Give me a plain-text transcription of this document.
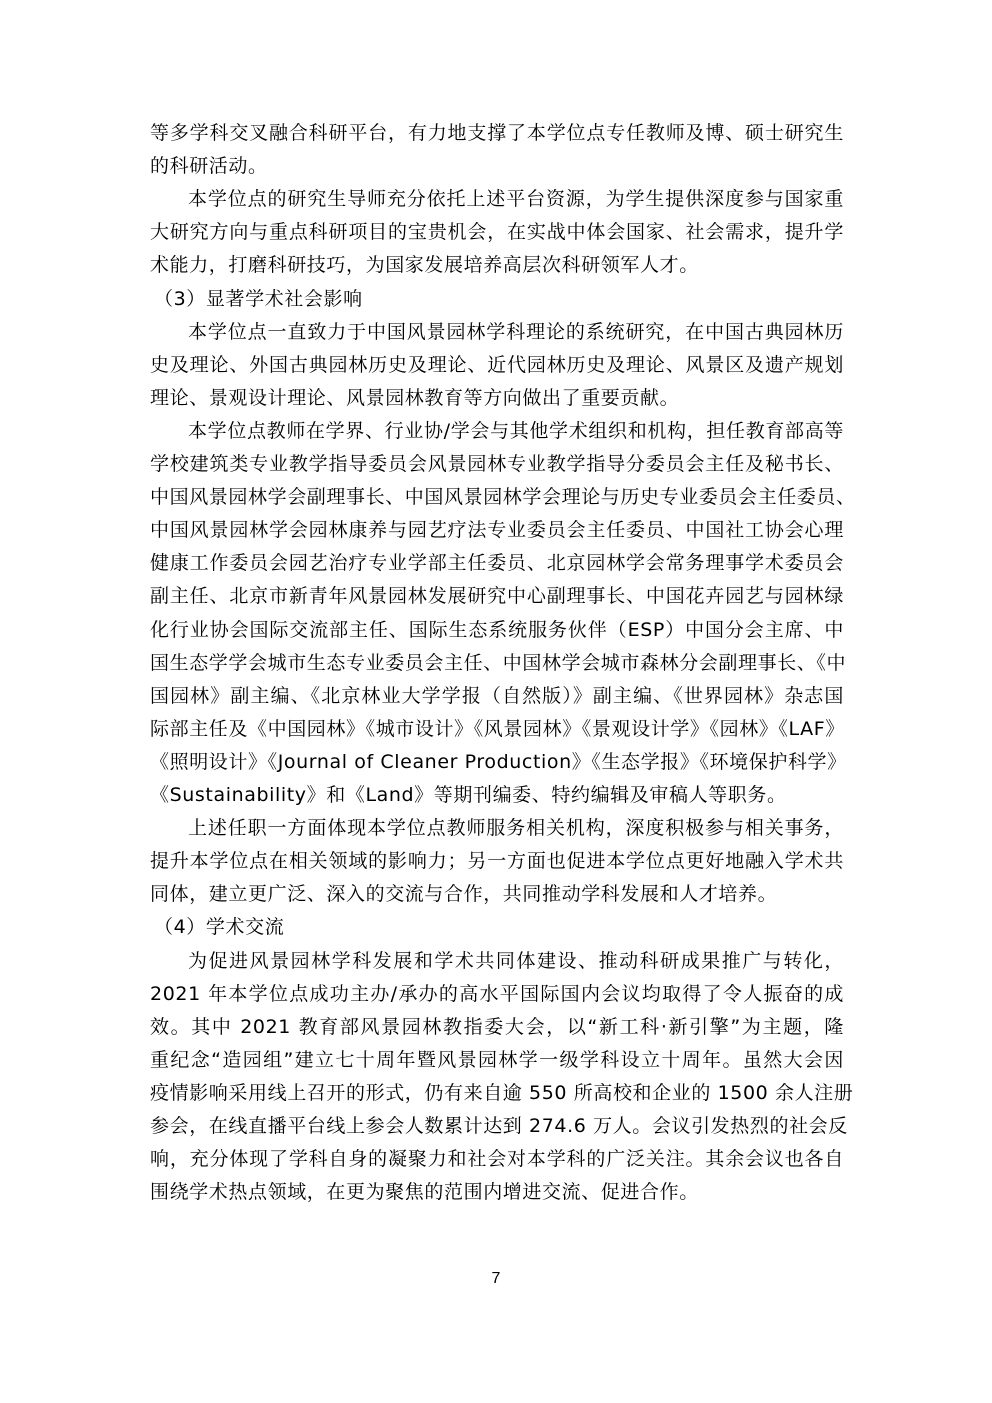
等多学科交叉融合科研平台，有力地支撑了本学位点专任教师及博、硕士研究生
的科研活动。
本学位点的研究生导师充分依托上述平台资源，为学生提供深度参与国家重
大研究方向与重点科研项目的宝贵机会，在实战中体会国家、社会需求，提升学
术能力，打磨科研技巧，为国家发展培养高层次科研领军人才。
（3）显著学术社会影响
本学位点一直致力于中国风景园林学科理论的系统研究，在中国古典园林历
史及理论、外国古典园林历史及理论、近代园林历史及理论、风景区及遗产规划
理论、景观设计理论、风景园林教育等方向做出了重要贡献。
本学位点教师在学界、行业协/学会与其他学术组织和机构，担任教育部高等
学校建筑类专业教学指导委员会风景园林专业教学指导分委员会主任及秘书长、
中国风景园林学会副理事长、中国风景园林学会理论与历史专业委员会主任委员、
中国风景园林学会园林康养与园艺疗法专业委员会主任委员、中国社工协会心理
健康工作委员会园艺治疗专业学部主任委员、北京园林学会常务理事学术委员会
副主任、北京市新青年风景园林发展研究中心副理事长、中国花卉园艺与园林绿
化行业协会国际交流部主任、国际生态系统服务伙伴（ESP）中国分会主席、中
国生态学学会城市生态专业委员会主任、中国林学会城市森林分会副理事长、《中
国园林》副主编、《北京林业大学学报（自然版）》副主编、《世界园林》杂志国
际部主任及《中国园林》《城市设计》《风景园林》《景观设计学》《园林》《LAF》
《照明设计》《Journal of Cleaner Production》《生态学报》《环境保护科学》
《Sustainability》和《Land》等期刊编委、特约编辑及审稿人等职务。
上述任职一方面体现本学位点教师服务相关机构，深度积极参与相关事务，
提升本学位点在相关领域的影响力；另一方面也促进本学位点更好地融入学术共
同体，建立更广泛、深入的交流与合作，共同推动学科发展和人才培养。
（4）学术交流
为促进风景园林学科发展和学术共同体建设、推动科研成果推广与转化，
2021 年本学位点成功主办/承办的高水平国际国内会议均取得了令人振奋的成
效。其中 2021 教育部风景园林教指委大会，以“新工科·新引擎”为主题，隆
重纪念“造园组”建立七十周年暨风景园林学一级学科设立十周年。虽然大会因
疫情影响采用线上召开的形式，仍有来自逾 550 所高校和企业的 1500 余人注册
参会，在线直播平台线上参会人数累计达到 274.6 万人。会议引发热烈的社会反
响，充分体现了学科自身的凝聚力和社会对本学科的广泛关注。其余会议也各自
围绕学术热点领域，在更为聚焦的范围内增进交流、促进合作。
7
